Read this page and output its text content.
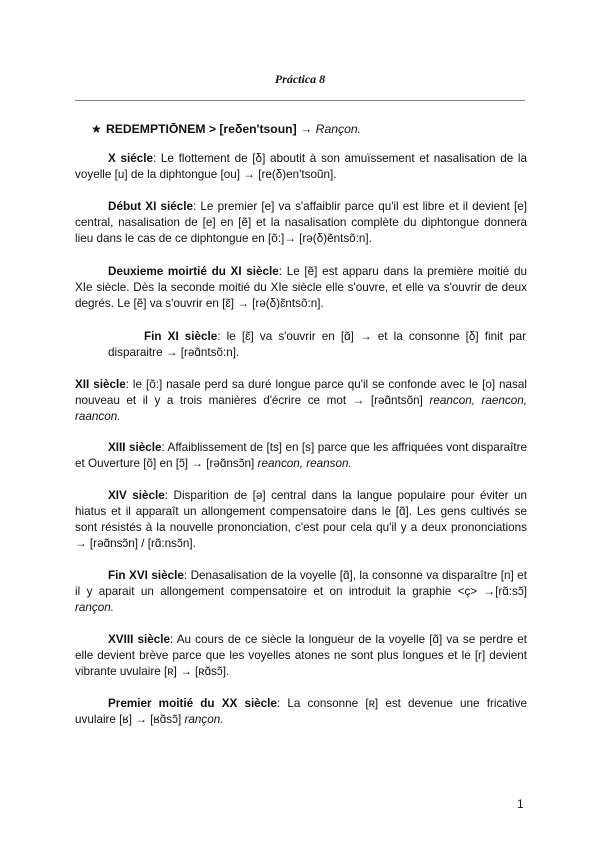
Práctica 8
★ REDEMPTIŌNEM > [reδen'tsoun] → Rançon.
X siécle: Le flottement de [δ] aboutit à son amuïssement et nasalisation de la voyelle [u] de la diphtongue [ou] → [re(δ)en'tsoũn].
Début XI siécle: Le premier [e] va s'affaiblir parce qu'il est libre et il devient [e] central, nasalisation de [e] en [ẽ] et la nasalisation complète du diphtongue donnera lieu dans le cas de ce diphtongue en [õ:]→ [rə(δ)ẽntsõ:n].
Deuxieme moirtié du XI siècle: Le [ẽ] est apparu dans la première moitié du XIe siècle. Dès la seconde moitié du XIe siècle elle s'ouvre, et elle va s'ouvrir de deux degrés. Le [ẽ] va s'ouvrir en [ɛ̃] → [rə(δ)ɛ̃ntsõ:n].
Fin XI siècle: le [ɛ̃] va s'ouvrir en [ɑ̃] → et la consonne [δ] finit par disparaitre → [rəɑ̃ntsõ:n].
XII siècle: le [õ:] nasale perd sa duré longue parce qu'il se confonde avec le [o] nasal nouveau et il y a trois manières d'écrire ce mot → [rəɑ̃ntsõn] reancon, raencon, raancon.
XIII siècle: Affaiblissement de [ts] en [s] parce que les affriquées vont disparaître et Ouverture [õ] en [ɔ̃] → [rəɑ̃nsɔ̃n] reancon, reanson.
XIV siècle: Disparition de [ə] central dans la langue populaire pour éviter un hiatus et il apparaît un allongement compensatoire dans le [ɑ̃]. Les gens cultivés se sont résistés à la nouvelle prononciation, c'est pour cela qu'il y a deux prononciations → [rəɑ̃nsɔ̃n] / [rɑ̃:nsɔ̃n].
Fin XVI siècle: Denasalisation de la voyelle [ɑ̃], la consonne va disparaître [n] et il y aparait un allongement compensatoire et on introduit la graphie <ç> →[rɑ̃:sɔ̃] rançon.
XVIII siècle: Au cours de ce siècle la longueur de la voyelle [ɑ̃] va se perdre et elle devient brève parce que les voyelles atones ne sont plus longues et le [r] devient vibrante uvulaire [ʀ] → [ʀɑ̃sɔ̃].
Premier moitié du XX siècle: La consonne [ʀ] est devenue une fricative uvulaire [ʁ] → [ʁɑ̃sɔ̃] rançon.
1
